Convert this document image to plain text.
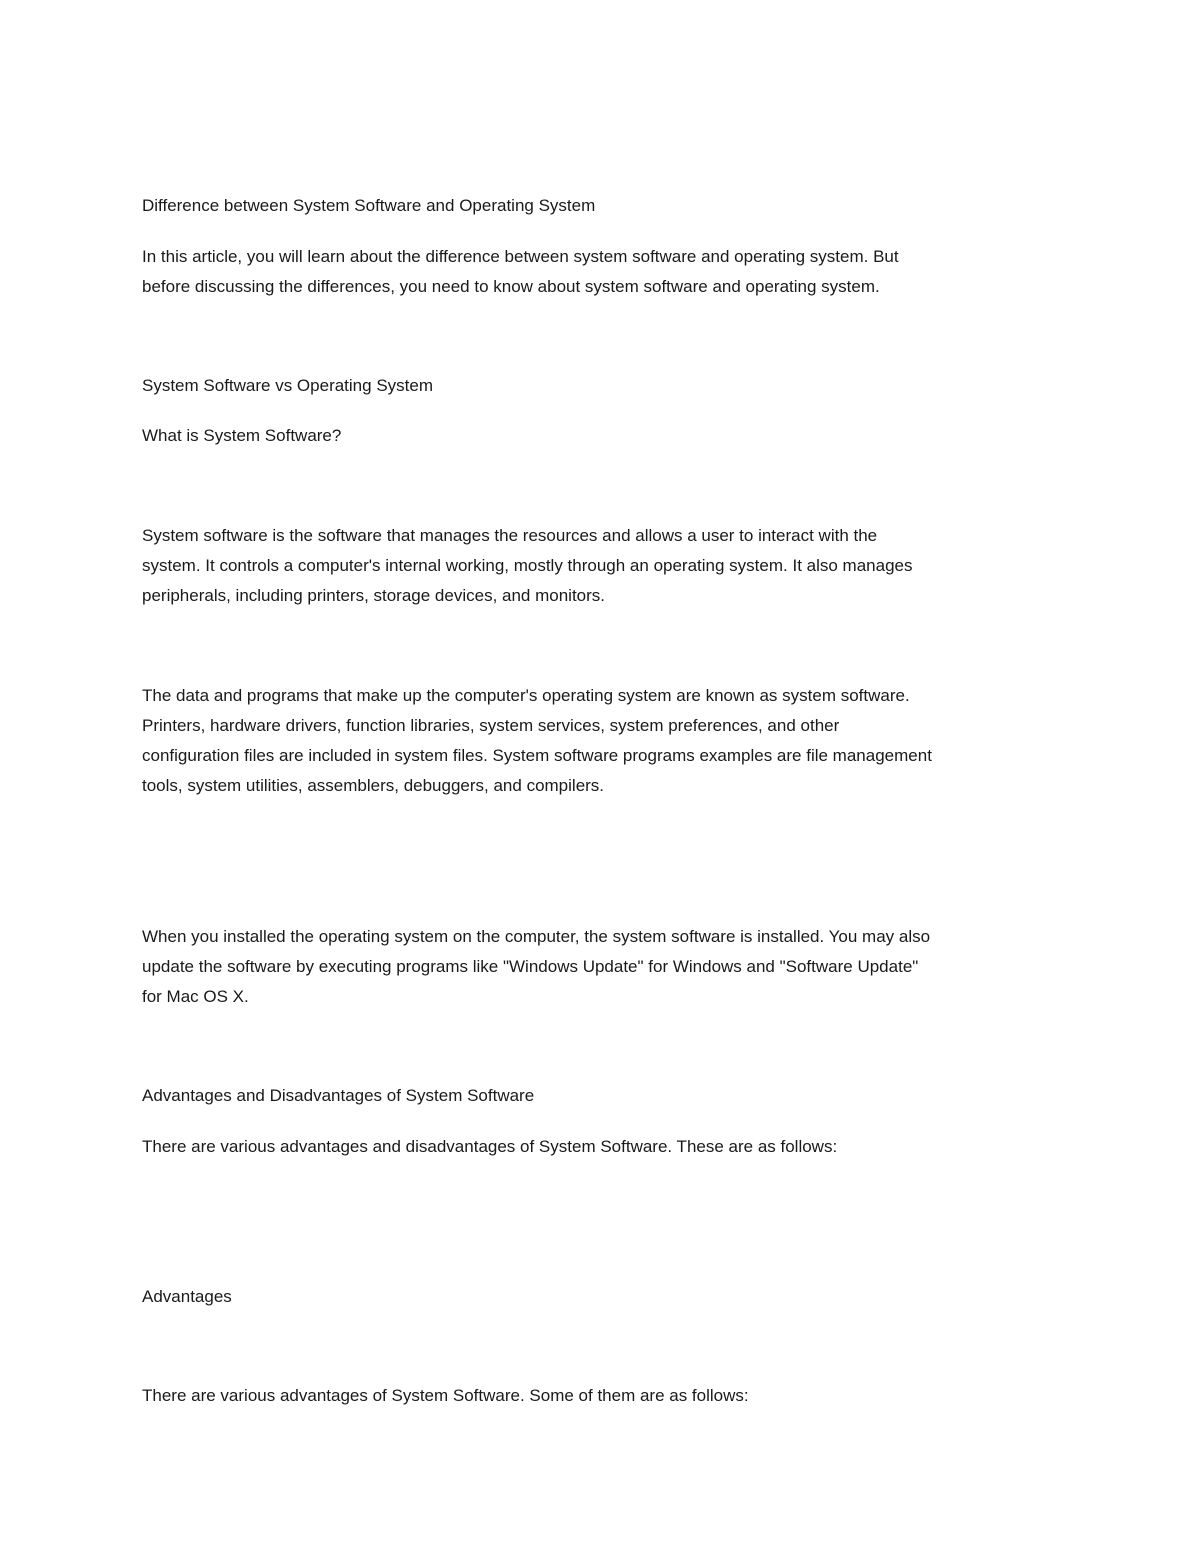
Difference between System Software and Operating System

In this article, you will learn about the difference between system software and operating system. But
before discussing the differences, you need to know about system software and operating system.

System Software vs Operating System

What is System Software?

System software is the software that manages the resources and allows a user to interact with the
system. It controls a computer's internal working, mostly through an operating system. It also manages
peripherals, including printers, storage devices, and monitors.
The data and programs that make up the computer's operating system are known as system software.
Printers, hardware drivers, function libraries, system services, system preferences, and other
configuration files are included in system files. System software programs examples are file management
tools, system utilities, assemblers, debuggers, and compilers.
When you installed the operating system on the computer, the system software is installed. You may also
update the software by executing programs like "Windows Update" for Windows and "Software Update"
for Mac OS X.

Advantages and Disadvantages of System Software

There are various advantages and disadvantages of System Software. These are as follows:

Advantages

There are various advantages of System Software. Some of them are as follows:
